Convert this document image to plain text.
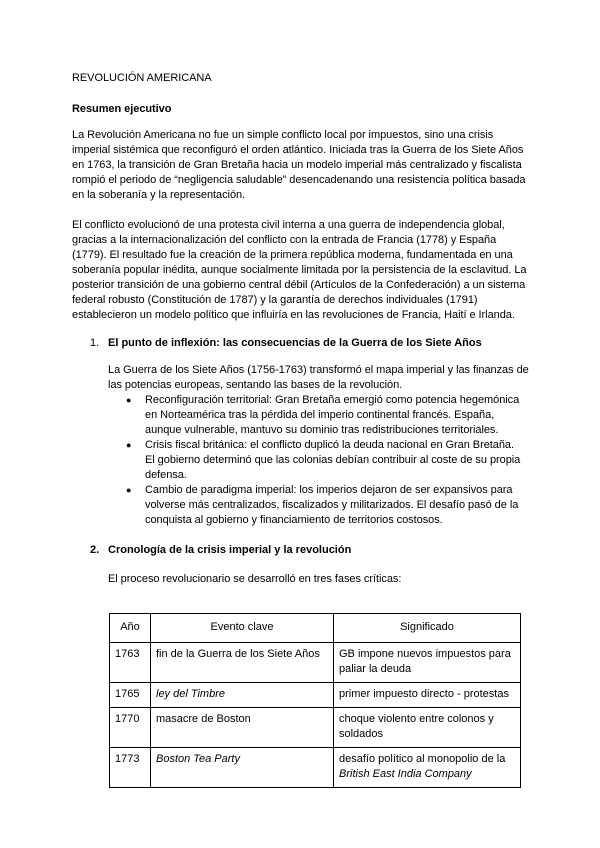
REVOLUCIÓN AMERICANA
Resumen ejecutivo
La Revolución Americana no fue un simple conflicto local por impuestos, sino una crisis imperial sistémica que reconfiguró el orden atlántico. Iniciada tras la Guerra de los Siete Años en 1763, la transición de Gran Bretaña hacia un modelo imperial más centralizado y fiscalista rompió el periodo de “negligencia saludable” desencadenando una resistencia política basada en la soberanía y la representación.
El conflicto evolucionó de una protesta civil interna a una guerra de independencia global, gracias a la internacionalización del conflicto con la entrada de Francia (1778) y España (1779). El resultado fue la creación de la primera república moderna, fundamentada en una soberanía popular inédita, aunque socialmente limitada por la persistencia de la esclavitud. La posterior transición de una gobierno central débil (Artículos de la Confederación) a un sistema federal robusto (Constitución de 1787) y la garantía de derechos individuales (1791) establecieron un modelo político que influiría en las revoluciones de Francia, Haití e Irlanda.
1. El punto de inflexión: las consecuencias de la Guerra de los Siete Años
La Guerra de los Siete Años (1756-1763) transformó el mapa imperial y las finanzas de las potencias europeas, sentando las bases de la revolución.
● Reconfiguración territorial: Gran Bretaña emergió como potencia hegemónica en Norteamérica tras la pérdida del imperio continental francés. España, aunque vulnerable, mantuvo su dominio tras redistribuciones territoriales.
● Crisis fiscal británica: el conflicto duplicó la deuda nacional en Gran Bretaña. El gobierno determinó que las colonias debían contribuir al coste de su propia defensa.
● Cambio de paradigma imperial: los imperios dejaron de ser expansivos para volverse más centralizados, fiscalizados y militarizados. El desafío pasó de la conquista al gobierno y financiamiento de territorios costosos.
2. Cronología de la crisis imperial y la revolución
El proceso revolucionario se desarrolló en tres fases críticas:
Año	Evento clave	Significado
1763	fin de la Guerra de los Siete Años	GB impone nuevos impuestos para paliar la deuda
1765	ley del Timbre	primer impuesto directo - protestas
1770	masacre de Boston	choque violento entre colonos y soldados
1773	Boston Tea Party	desafío político al monopolio de la
British East India Company
